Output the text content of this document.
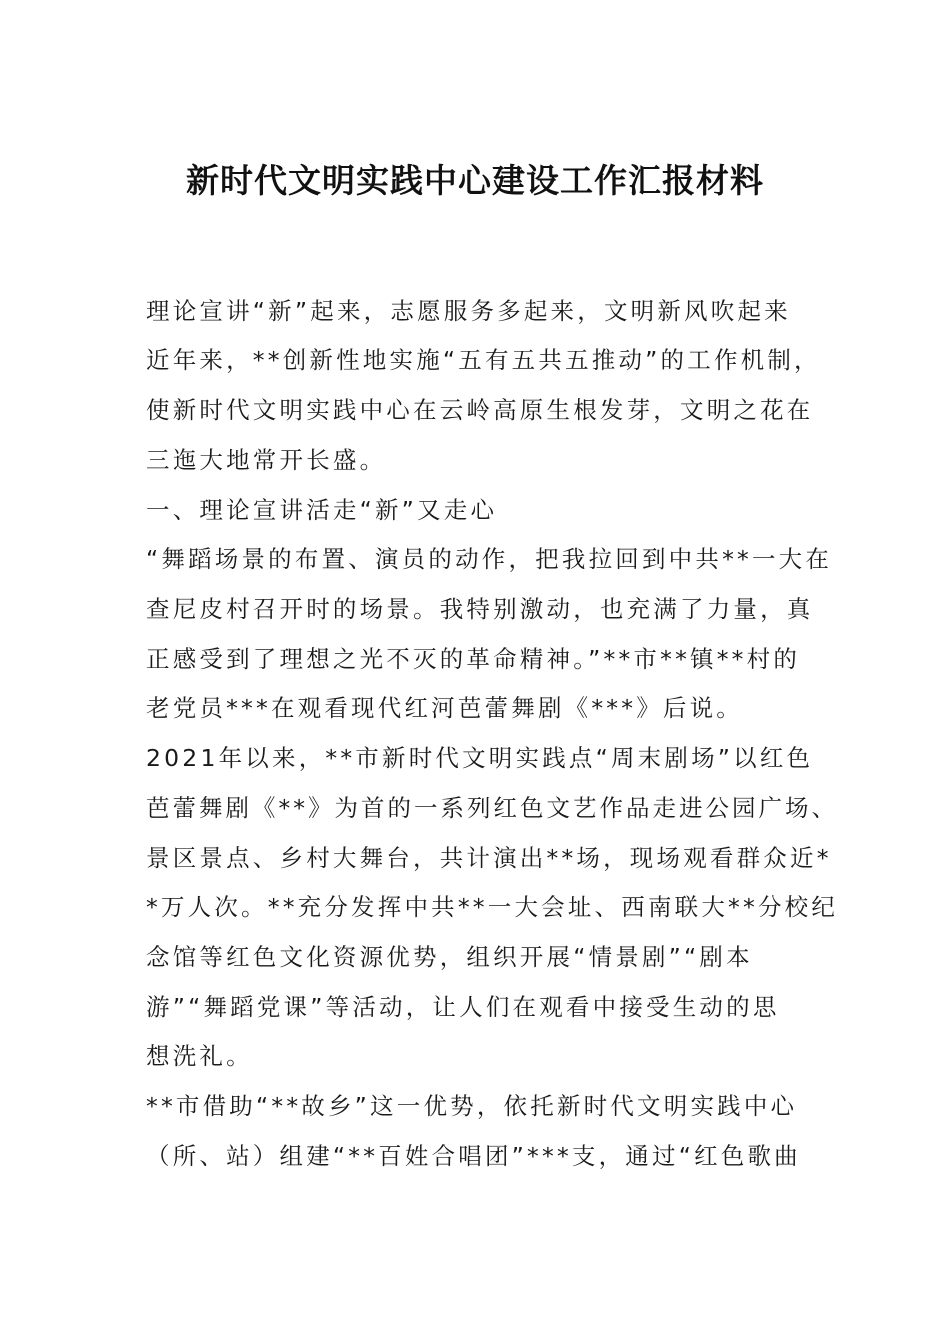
新时代文明实践中心建设工作汇报材料
理论宣讲“新”起来，志愿服务多起来，文明新风吹起来
近年来，**创新性地实施“五有五共五推动”的工作机制，
使新时代文明实践中心在云岭高原生根发芽，文明之花在
三迤大地常开长盛。
一、理论宣讲活走“新”又走心
“舞蹈场景的布置、演员的动作，把我拉回到中共**一大在
查尼皮村召开时的场景。我特别激动，也充满了力量，真
正感受到了理想之光不灭的革命精神。”**市**镇**村的
老党员***在观看现代红河芭蕾舞剧《***》后说。
2021年以来，**市新时代文明实践点“周末剧场”以红色
芭蕾舞剧《**》为首的一系列红色文艺作品走进公园广场、
景区景点、乡村大舞台，共计演出**场，现场观看群众近*
*万人次。**充分发挥中共**一大会址、西南联大**分校纪
念馆等红色文化资源优势，组织开展“情景剧”“剧本
游”“舞蹈党课”等活动，让人们在观看中接受生动的思
想洗礼。
**市借助“**故乡”这一优势，依托新时代文明实践中心
（所、站）组建“**百姓合唱团”***支，通过“红色歌曲
